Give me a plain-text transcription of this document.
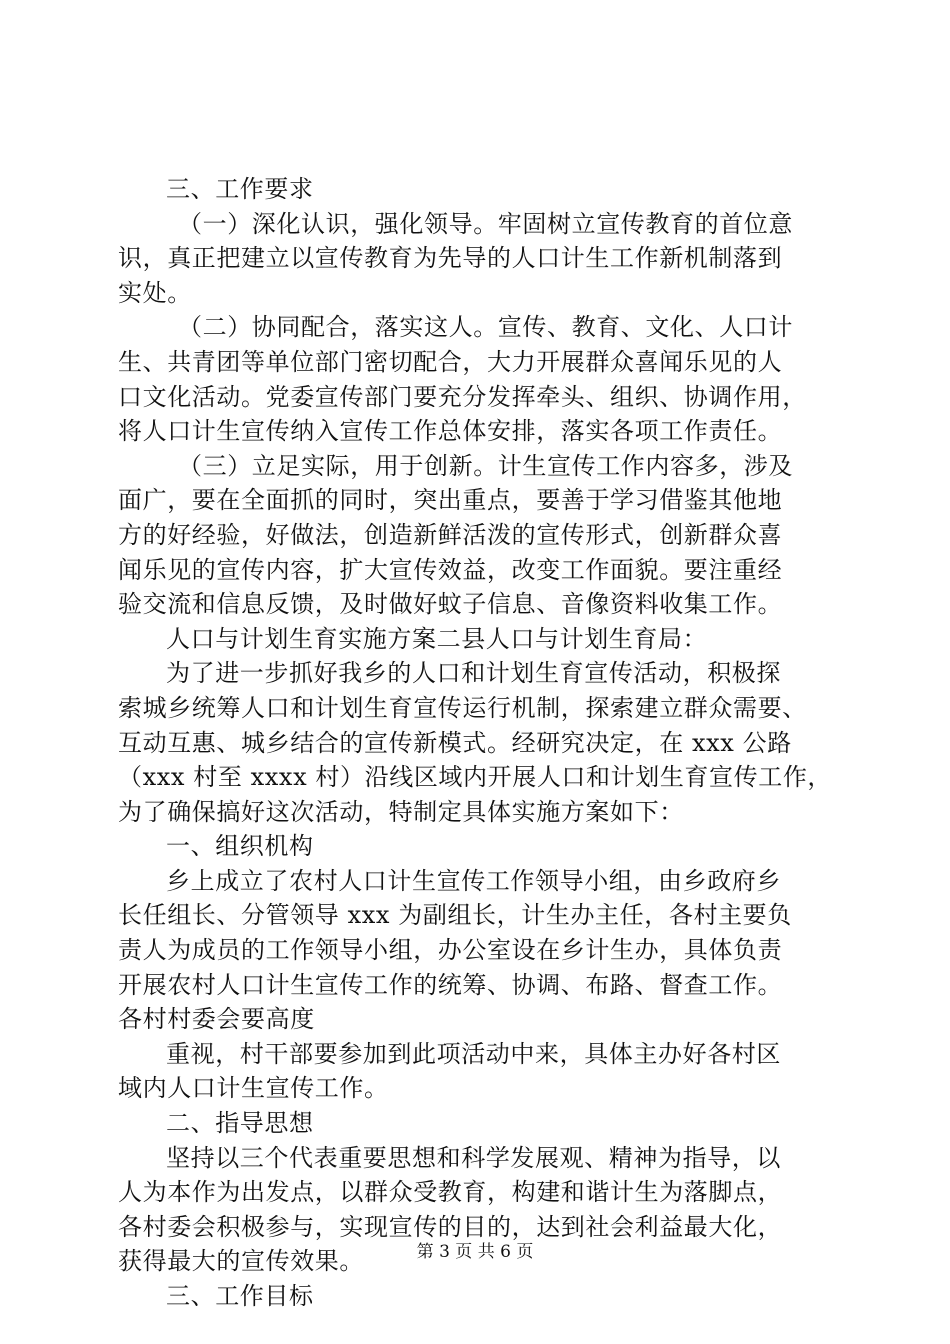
三、工作要求
（一）深化认识，强化领导。牢固树立宣传教育的首位意
识，真正把建立以宣传教育为先导的人口计生工作新机制落到
实处。
（二）协同配合，落实这人。宣传、教育、文化、人口计
生、共青团等单位部门密切配合，大力开展群众喜闻乐见的人
口文化活动。党委宣传部门要充分发挥牵头、组织、协调作用，
将人口计生宣传纳入宣传工作总体安排，落实各项工作责任。
（三）立足实际，用于创新。计生宣传工作内容多，涉及
面广，要在全面抓的同时，突出重点，要善于学习借鉴其他地
方的好经验，好做法，创造新鲜活泼的宣传形式，创新群众喜
闻乐见的宣传内容，扩大宣传效益，改变工作面貌。要注重经
验交流和信息反馈，及时做好蚊子信息、音像资料收集工作。
人口与计划生育实施方案二县人口与计划生育局：
为了进一步抓好我乡的人口和计划生育宣传活动，积极探
索城乡统筹人口和计划生育宣传运行机制，探索建立群众需要、
互动互惠、城乡结合的宣传新模式。经研究决定，在 xxx 公路
（xxx 村至 xxxx 村）沿线区域内开展人口和计划生育宣传工作，
为了确保搞好这次活动，特制定具体实施方案如下：
一、组织机构
乡上成立了农村人口计生宣传工作领导小组，由乡政府乡
长任组长、分管领导 xxx 为副组长，计生办主任，各村主要负
责人为成员的工作领导小组，办公室设在乡计生办，具体负责
开展农村人口计生宣传工作的统筹、协调、布路、督查工作。
各村村委会要高度
重视，村干部要参加到此项活动中来，具体主办好各村区
域内人口计生宣传工作。
二、指导思想
坚持以三个代表重要思想和科学发展观、精神为指导，以
人为本作为出发点，以群众受教育，构建和谐计生为落脚点，
各村委会积极参与，实现宣传的目的，达到社会利益最大化，
获得最大的宣传效果。
三、工作目标
第 3 页 共 6 页
